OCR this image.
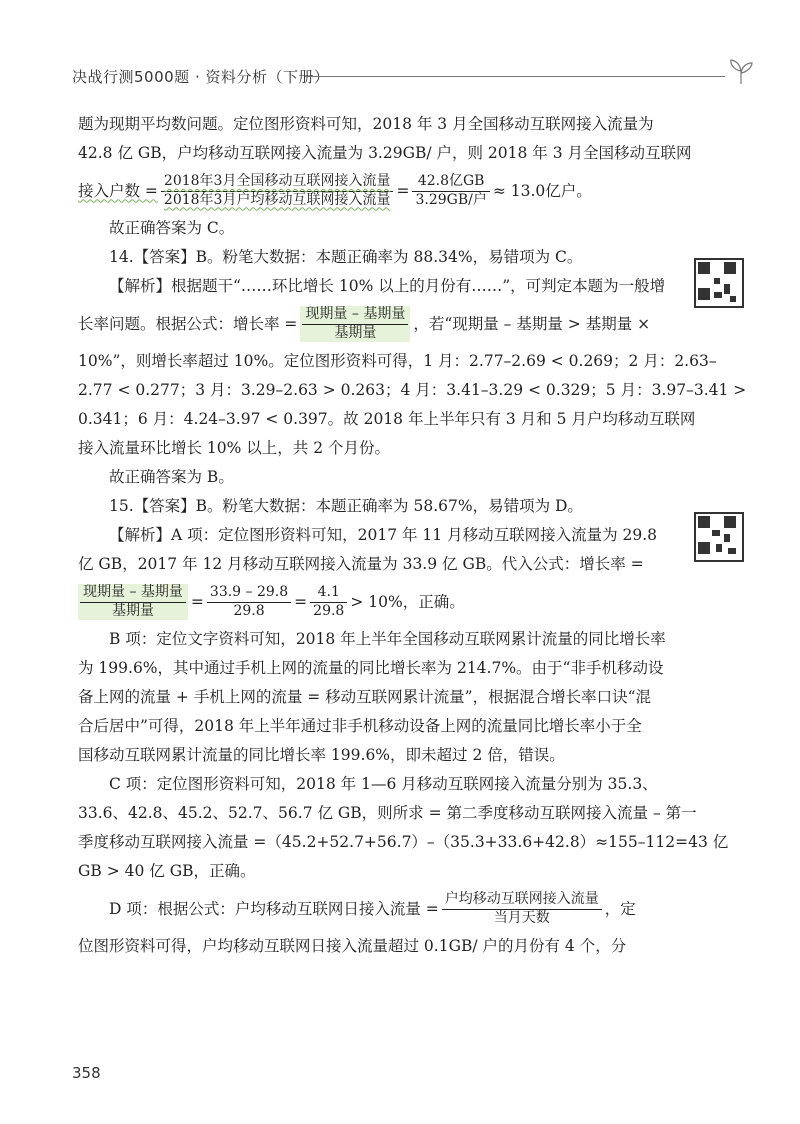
决战行测5000题 · 资料分析（下册）

题为现期平均数问题。定位图形资料可知，2018 年 3 月全国移动互联网接入流量为

42.8 亿 GB，户均移动互联网接入流量为 3.29GB/ 户，则 2018 年 3 月全国移动互联网

接入户数 = $\frac{\text{2018年3月全国移动互联网接入流量}}{\text{2018年3月户均移动互联网接入流量}} = \frac{\text{42.8亿GB}}{\text{3.29GB/户}} \approx 13.0$亿户。

故正确答案为 C。

14.【答案】B。粉笔大数据：本题正确率为 88.34%，易错项为 C。

【解析】根据题干“……环比增长 10% 以上的月份有……”，可判定本题为一般增

长率问题。根据公式：增长率 = $\frac{\text{现期量 – 基期量}}{\text{基期量}}$ ，若“现期量 – 基期量 > 基期量 ×

10%”，则增长率超过 10%。定位图形资料可得，1 月：2.77–2.69 < 0.269；2 月：2.63–

2.77 < 0.277；3 月：3.29–2.63 > 0.263；4 月：3.41–3.29 < 0.329；5 月：3.97–3.41 >

0.341；6 月：4.24–3.97 < 0.397。故 2018 年上半年只有 3 月和 5 月户均移动互联网

接入流量环比增长 10% 以上，共 2 个月份。

故正确答案为 B。

15.【答案】B。粉笔大数据：本题正确率为 58.67%，易错项为 D。

【解析】A 项：定位图形资料可知，2017 年 11 月移动互联网接入流量为 29.8

亿 GB，2017 年 12 月移动互联网接入流量为 33.9 亿 GB。代入公式：增长率 =

$\frac{\text{现期量 – 基期量}}{\text{基期量}} = \frac{33.9 - 29.8}{29.8} = \frac{4.1}{29.8} > 10\%$，正确。

B 项：定位文字资料可知，2018 年上半年全国移动互联网累计流量的同比增长率

为 199.6%，其中通过手机上网的流量的同比增长率为 214.7%。由于“非手机移动设

备上网的流量 + 手机上网的流量 = 移动互联网累计流量”，根据混合增长率口诀“混

合后居中”可得，2018 年上半年通过非手机移动设备上网的流量同比增长率小于全

国移动互联网累计流量的同比增长率 199.6%，即未超过 2 倍，错误。

C 项：定位图形资料可知，2018 年 1—6 月移动互联网接入流量分别为 35.3、

33.6、42.8、45.2、52.7、56.7 亿 GB，则所求 = 第二季度移动互联网接入流量 – 第一

季度移动互联网接入流量 =（45.2+52.7+56.7）–（35.3+33.6+42.8）≈155–112=43 亿

GB > 40 亿 GB，正确。

D 项：根据公式：户均移动互联网日接入流量 = $\frac{\text{户均移动互联网接入流量}}{\text{当月天数}}$ ，定

位图形资料可得，户均移动互联网日接入流量超过 0.1GB/ 户的月份有 4 个，分

358
